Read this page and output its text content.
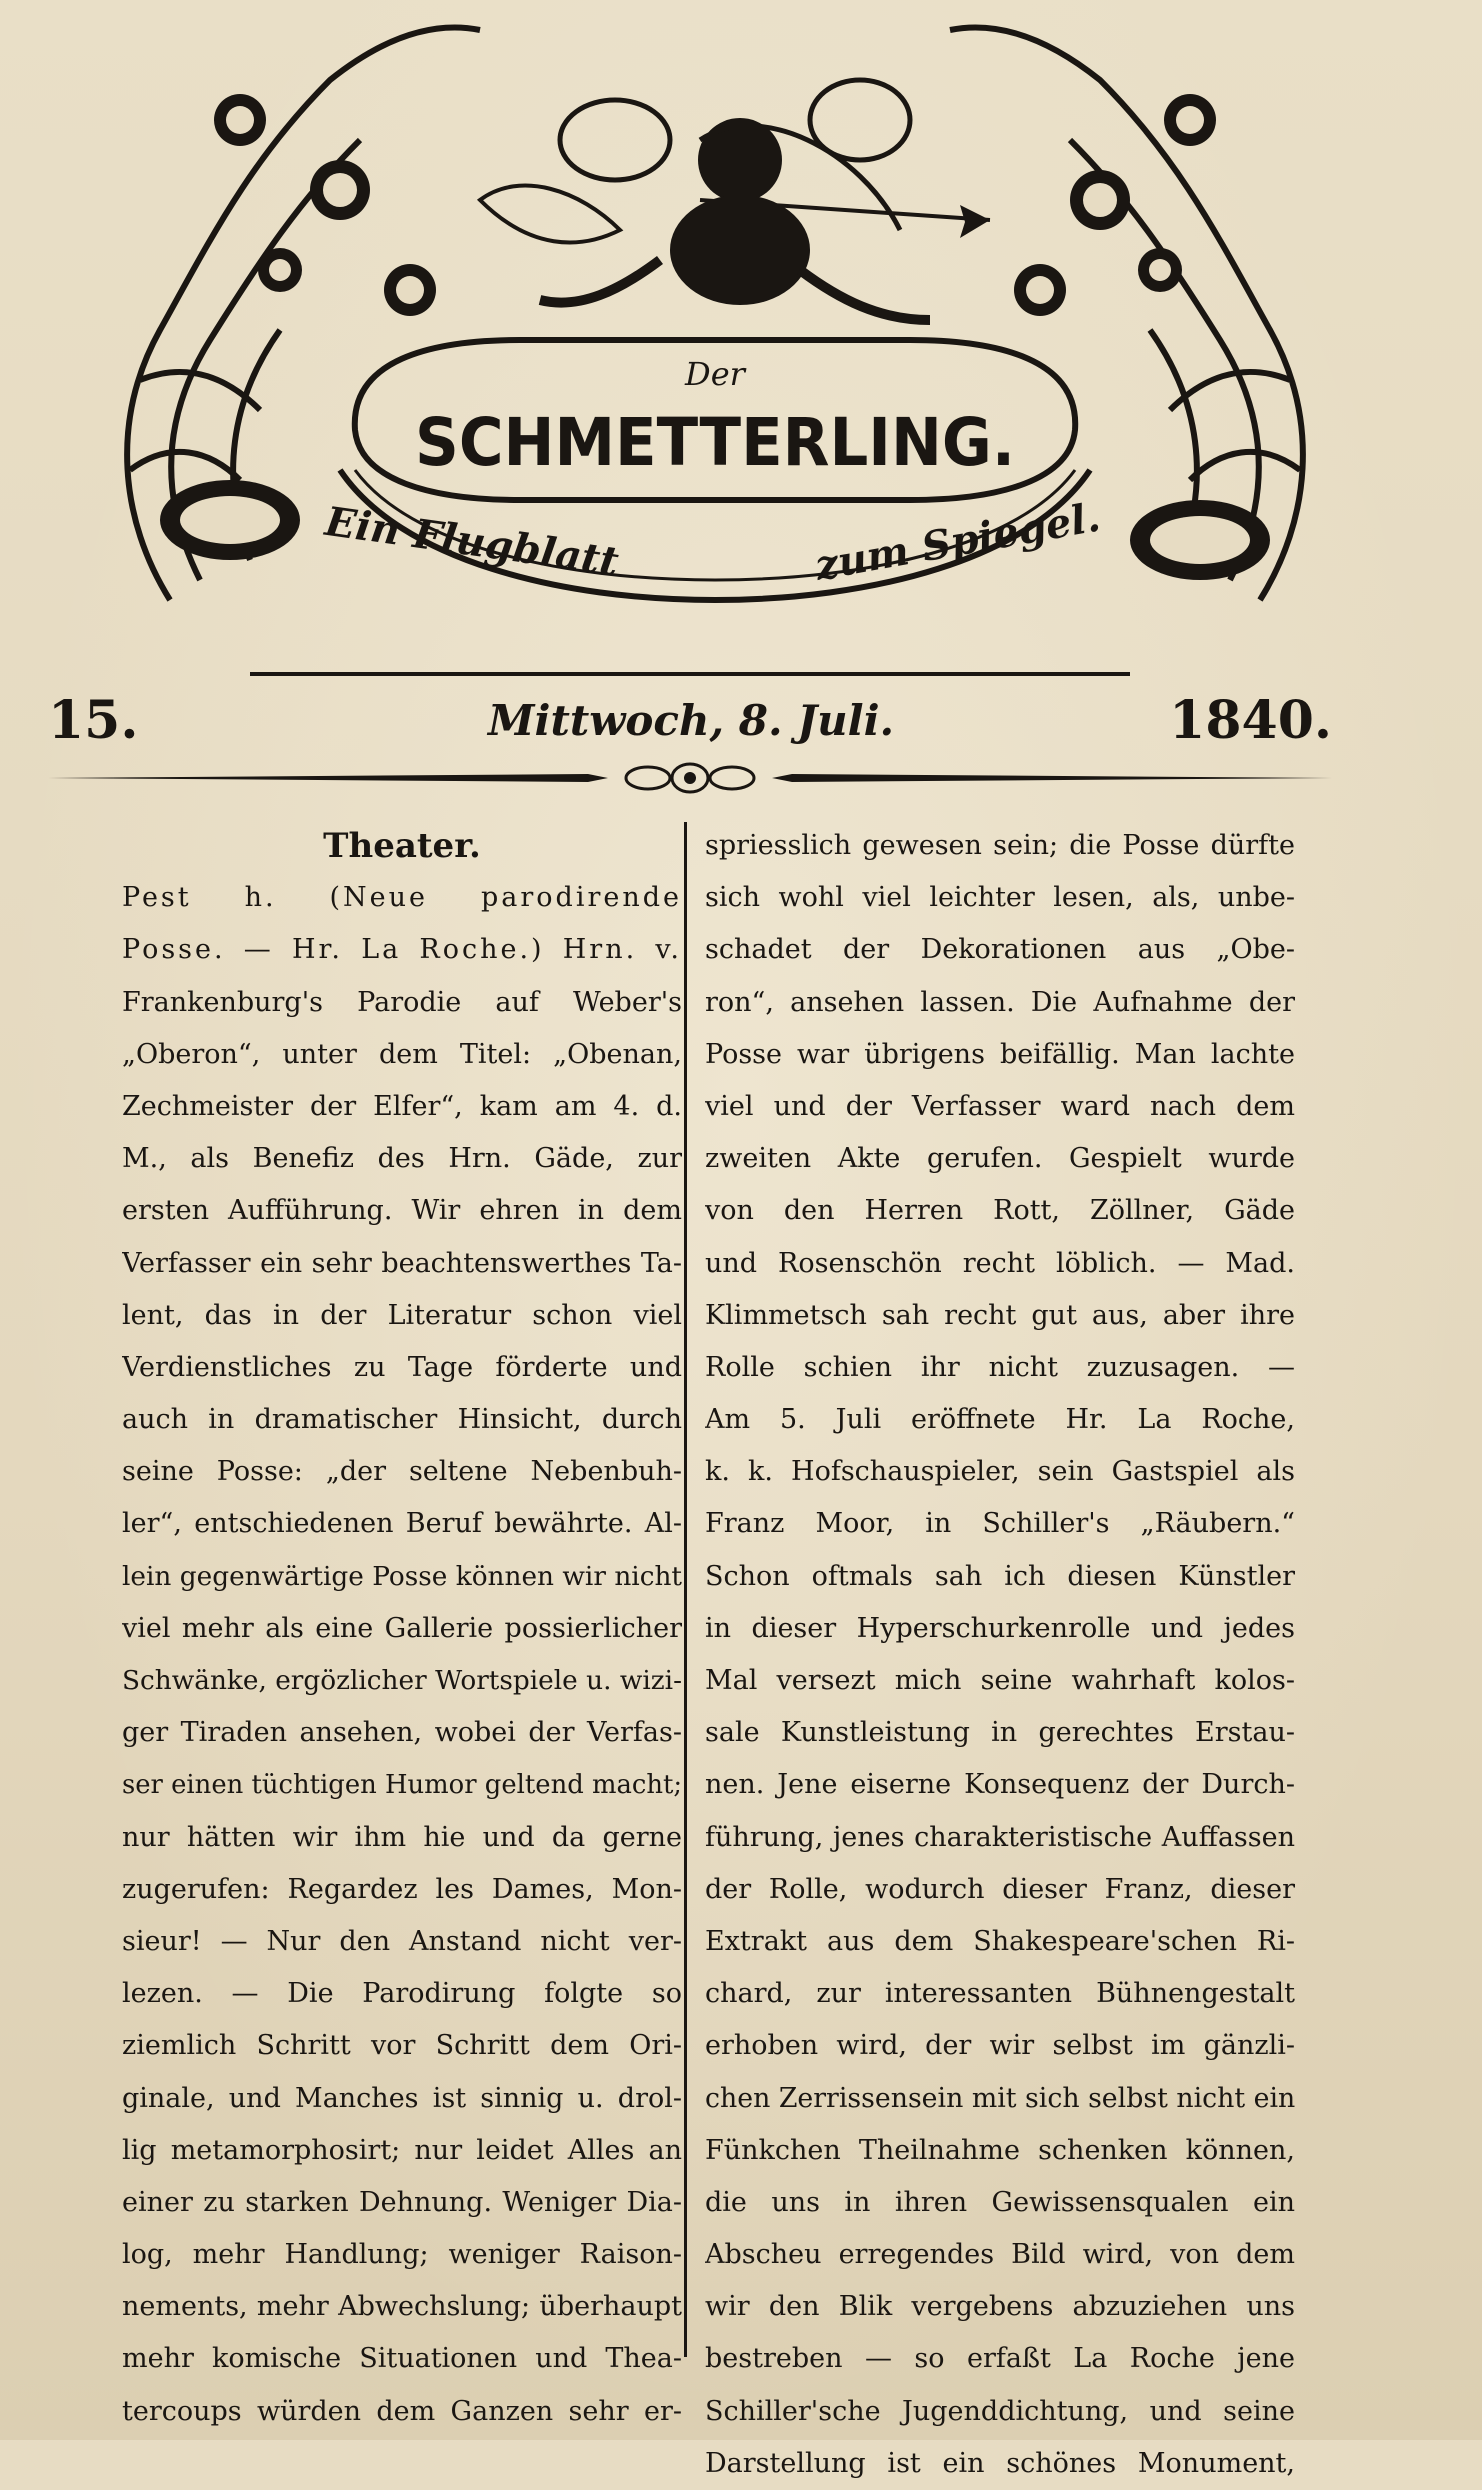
Der
SCHMETTERLING.
Ein Flugblatt	zum Spiegel.
15.	Mittwoch, 8. Juli.	1840.
Theater.
Pest h. (Neue parodirende
Posse. — Hr. La Roche.) Hrn. v.
Frankenburg's Parodie auf Weber's
„Oberon“, unter dem Titel: „Obenan,
Zechmeister der Elfer“, kam am 4. d.
M., als Benefiz des Hrn. Gäde, zur
ersten Aufführung. Wir ehren in dem
Verfasser ein sehr beachtenswerthes Ta-
lent, das in der Literatur schon viel
Verdienstliches zu Tage förderte und
auch in dramatischer Hinsicht, durch
seine Posse: „der seltene Nebenbuh-
ler“, entschiedenen Beruf bewährte. Al-
lein gegenwärtige Posse können wir nicht
viel mehr als eine Gallerie possierlicher
Schwänke, ergözlicher Wortspiele u. wizi-
ger Tiraden ansehen, wobei der Verfas-
ser einen tüchtigen Humor geltend macht;
nur hätten wir ihm hie und da gerne
zugerufen: Regardez les Dames, Mon-
sieur! — Nur den Anstand nicht ver-
lezen. — Die Parodirung folgte so
ziemlich Schritt vor Schritt dem Ori-
ginale, und Manches ist sinnig u. drol-
lig metamorphosirt; nur leidet Alles an
einer zu starken Dehnung. Weniger Dia-
log, mehr Handlung; weniger Raison-
nements, mehr Abwechslung; überhaupt
mehr komische Situationen und Thea-
tercoups würden dem Ganzen sehr er-
spriesslich gewesen sein; die Posse dürfte
sich wohl viel leichter lesen, als, unbe-
schadet der Dekorationen aus „Obe-
ron“, ansehen lassen. Die Aufnahme der
Posse war übrigens beifällig. Man lachte
viel und der Verfasser ward nach dem
zweiten Akte gerufen. Gespielt wurde
von den Herren Rott, Zöllner, Gäde
und Rosenschön recht löblich. — Mad.
Klimmetsch sah recht gut aus, aber ihre
Rolle schien ihr nicht zuzusagen. —
Am 5. Juli eröffnete Hr. La Roche,
k. k. Hofschauspieler, sein Gastspiel als
Franz Moor, in Schiller's „Räubern.“
Schon oftmals sah ich diesen Künstler
in dieser Hyperschurkenrolle und jedes
Mal versezt mich seine wahrhaft kolos-
sale Kunstleistung in gerechtes Erstau-
nen. Jene eiserne Konsequenz der Durch-
führung, jenes charakteristische Auffassen
der Rolle, wodurch dieser Franz, dieser
Extrakt aus dem Shakespeare'schen Ri-
chard, zur interessanten Bühnengestalt
erhoben wird, der wir selbst im gänzli-
chen Zerrissensein mit sich selbst nicht ein
Fünkchen Theilnahme schenken können,
die uns in ihren Gewissensqualen ein
Abscheu erregendes Bild wird, von dem
wir den Blik vergebens abzuziehen uns
bestreben — so erfaßt La Roche jene
Schiller'sche Jugenddichtung, und seine
Darstellung ist ein schönes Monument,
